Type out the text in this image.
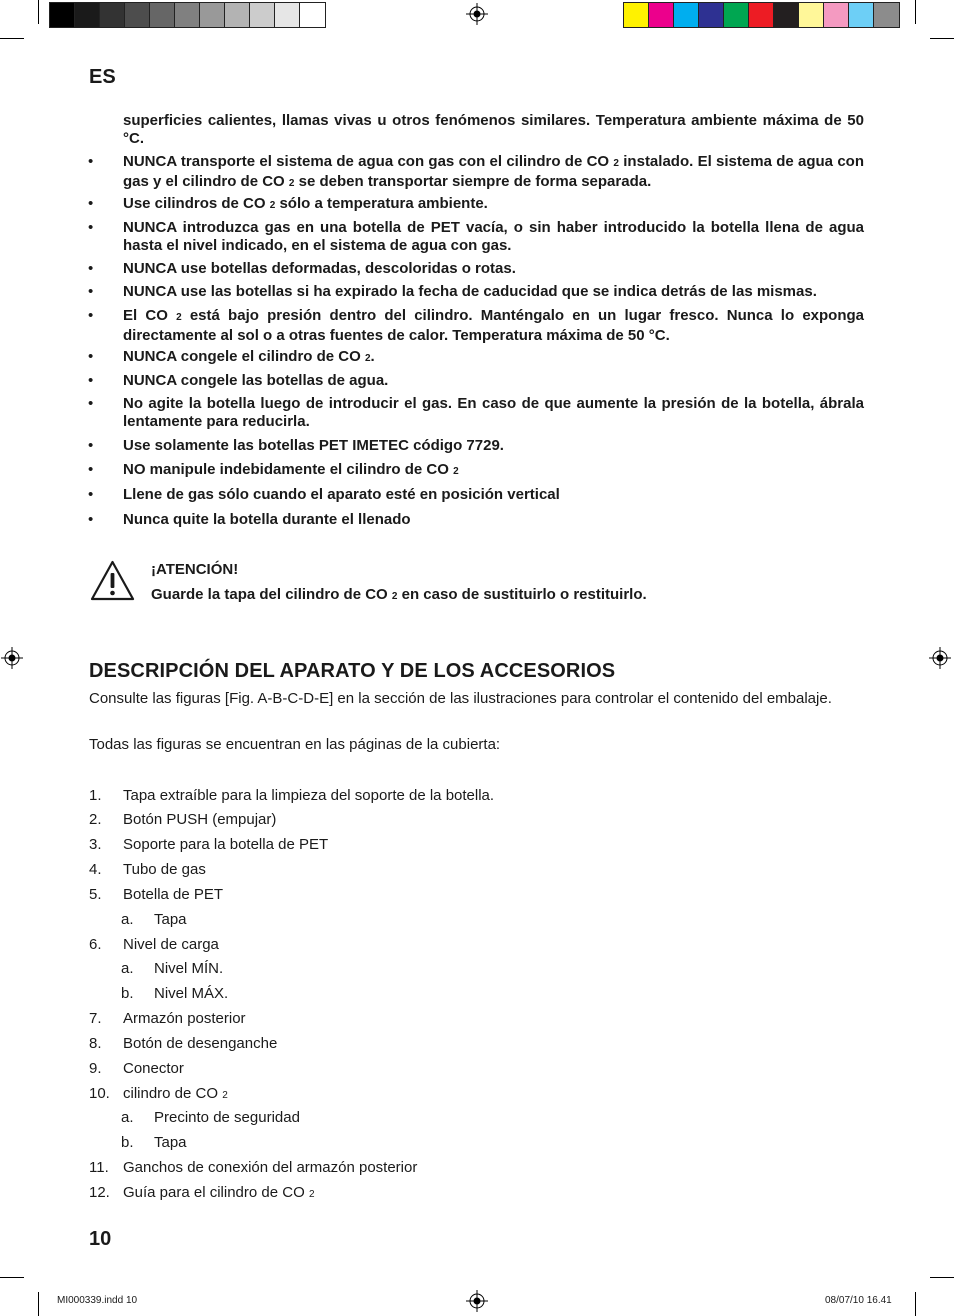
ES
superficies calientes, llamas vivas u otros fenómenos similares. Temperatura ambiente máxima de 50 °C.
•	NUNCA transporte el sistema de agua con gas con el cilindro de CO 2 instalado. El sistema de agua con gas y el cilindro de CO 2 se deben transportar siempre de forma separada.
•	Use cilindros de CO 2 sólo a temperatura ambiente.
•	NUNCA introduzca gas en una botella de PET vacía, o sin haber introducido la botella llena de agua hasta el nivel indicado, en el sistema de agua con gas.
•	NUNCA use botellas deformadas, descoloridas o rotas.
•	NUNCA use las botellas si ha expirado la fecha de caducidad que se indica detrás de las mismas.
•	El CO 2 está bajo presión dentro del cilindro. Manténgalo en un lugar fresco. Nunca lo exponga directamente al sol o a otras fuentes de calor. Temperatura máxima de 50 °C.
•	NUNCA congele el cilindro de CO 2.
•	NUNCA congele las botellas de agua.
•	No agite la botella luego de introducir el gas. En caso de que aumente la presión de la botella, ábrala lentamente para reducirla.
•	Use solamente las botellas PET IMETEC código 7729.
•	NO manipule indebidamente el cilindro de CO 2
•	Llene de gas sólo cuando el aparato esté en posición vertical
•	Nunca quite la botella durante el llenado
¡ATENCIÓN!
Guarde la tapa del cilindro de CO 2 en caso de sustituirlo o restituirlo.
DESCRIPCIÓN DEL APARATO Y DE LOS ACCESORIOS
Consulte las figuras [Fig. A-B-C-D-E] en la sección de las ilustraciones para controlar el contenido del embalaje.
Todas las figuras se encuentran en las páginas de la cubierta:
1. Tapa extraíble para la limpieza del soporte de la botella.
2. Botón PUSH (empujar)
3. Soporte para la botella de PET
4. Tubo de gas
5. Botella de PET
a. Tapa
6. Nivel de carga
a. Nivel MÍN.
b. Nivel MÁX.
7. Armazón posterior
8. Botón de desenganche
9. Conector
10. cilindro de CO 2
a. Precinto de seguridad
b. Tapa
11. Ganchos de conexión del armazón posterior
12. Guía para el cilindro de CO 2
10
MI000339.indd 10	08/07/10 16.41
